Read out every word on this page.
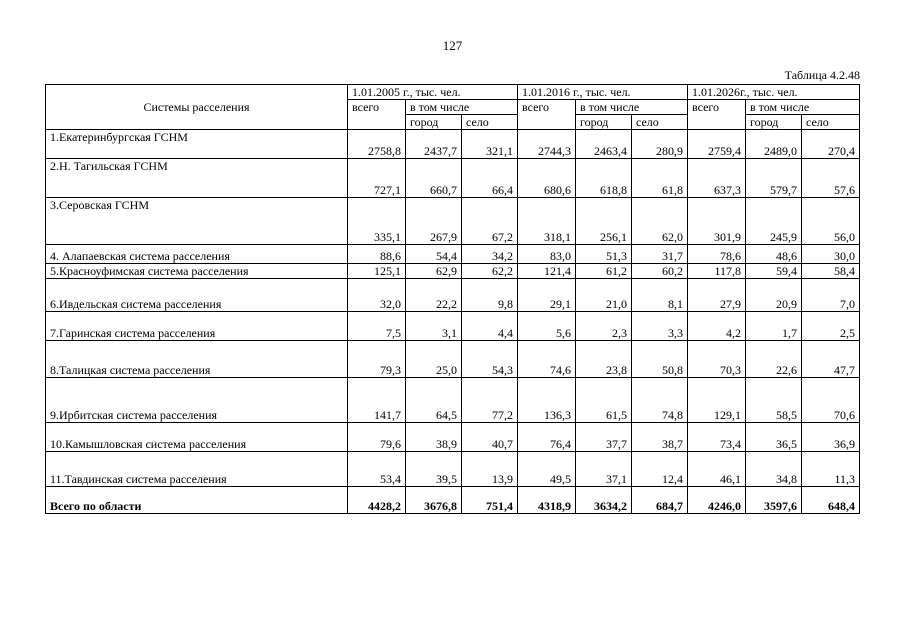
127
Таблица 4.2.48
Системы расселения	1.01.2005 г., тыс. чел.			1.01.2016 г., тыс. чел.			1.01.2026г., тыс. чел.		
	всего	в том числе		всего	в том числе		всего	в том числе	
		город	село		город	село		город	село
1.Екатеринбургская ГСНМ	2758,8	2437,7	321,1	2744,3	2463,4	280,9	2759,4	2489,0	270,4
2.Н. Тагильская ГСНМ	727,1	660,7	66,4	680,6	618,8	61,8	637,3	579,7	57,6
3.Серовская ГСНМ	335,1	267,9	67,2	318,1	256,1	62,0	301,9	245,9	56,0
4. Алапаевская система расселения	88,6	54,4	34,2	83,0	51,3	31,7	78,6	48,6	30,0
5.Красноуфимская система расселения	125,1	62,9	62,2	121,4	61,2	60,2	117,8	59,4	58,4
6.Ивдельская система расселения	32,0	22,2	9,8	29,1	21,0	8,1	27,9	20,9	7,0
7.Гаринская система расселения	7,5	3,1	4,4	5,6	2,3	3,3	4,2	1,7	2,5
8.Талицкая система расселения	79,3	25,0	54,3	74,6	23,8	50,8	70,3	22,6	47,7
9.Ирбитская система расселения	141,7	64,5	77,2	136,3	61,5	74,8	129,1	58,5	70,6
10.Камышловская система расселения	79,6	38,9	40,7	76,4	37,7	38,7	73,4	36,5	36,9
11.Тавдинская система расселения	53,4	39,5	13,9	49,5	37,1	12,4	46,1	34,8	11,3
Всего по области	4428,2	3676,8	751,4	4318,9	3634,2	684,7	4246,0	3597,6	648,4
